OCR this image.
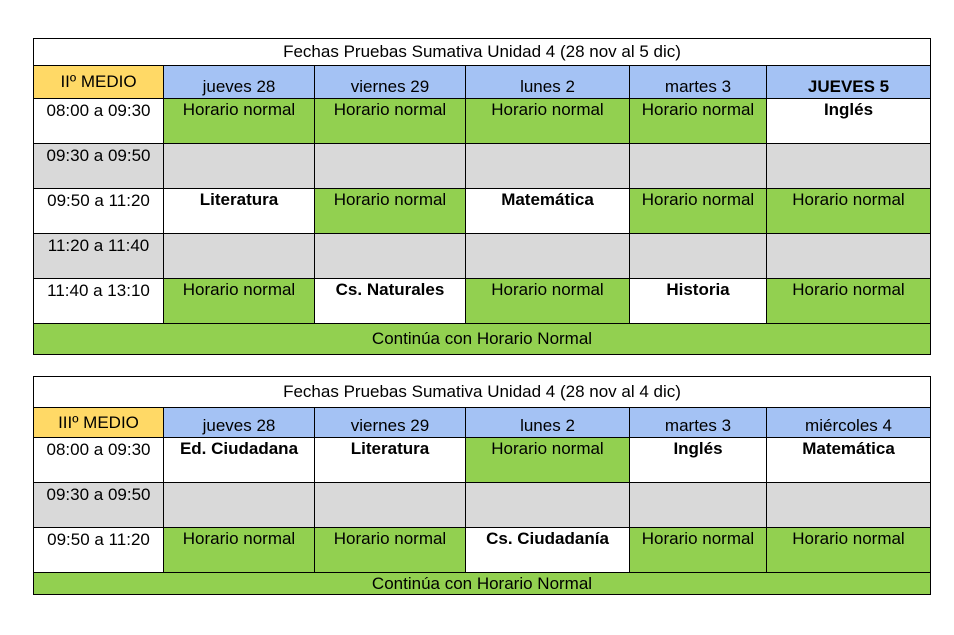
Fechas Pruebas Sumativa Unidad 4 (28 nov al 5 dic)					
IIº MEDIO	jueves 28	viernes 29	lunes 2	martes 3	JUEVES 5
08:00 a 09:30	Horario normal	Horario normal	Horario normal	Horario normal	Inglés
09:30 a 09:50					
09:50 a 11:20	Literatura	Horario normal	Matemática	Horario normal	Horario normal
11:20 a 11:40					
11:40 a 13:10	Horario normal	Cs. Naturales	Horario normal	Historia	Horario normal
Continúa con Horario Normal					
Fechas Pruebas Sumativa Unidad 4 (28 nov al 4 dic)					
IIIº MEDIO	jueves 28	viernes 29	lunes 2	martes 3	miércoles 4
08:00 a 09:30	Ed. Ciudadana	Literatura	Horario normal	Inglés	Matemática
09:30 a 09:50					
09:50 a 11:20	Horario normal	Horario normal	Cs. Ciudadanía	Horario normal	Horario normal
Continúa con Horario Normal					
